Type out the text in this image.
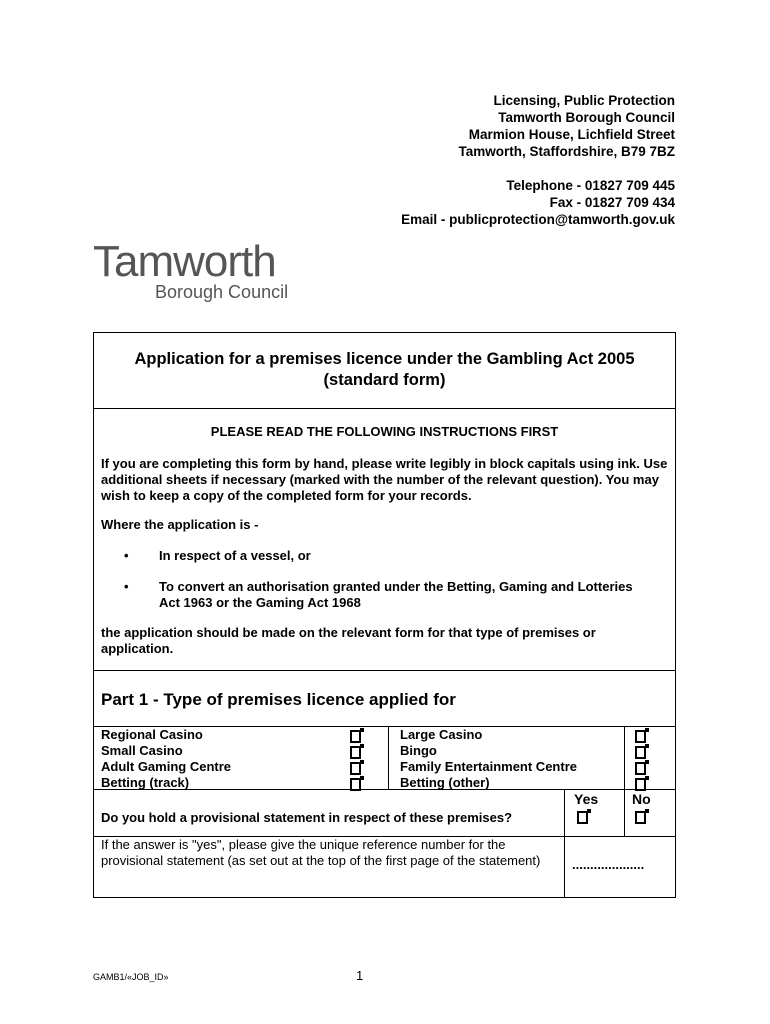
Licensing, Public Protection
Tamworth Borough Council
Marmion House, Lichfield Street
Tamworth, Staffordshire, B79 7BZ
Telephone - 01827 709 445
Fax - 01827 709 434
Email - publicprotection@tamworth.gov.uk
Tamworth
Borough Council
Application for a premises licence under the Gambling Act 2005
(standard form)
PLEASE READ THE FOLLOWING INSTRUCTIONS FIRST
If you are completing this form by hand, please write legibly in block capitals using ink. Use additional sheets if necessary (marked with the number of the relevant question). You may wish to keep a copy of the completed form for your records.
Where the application is -
• In respect of a vessel, or
• To convert an authorisation granted under the Betting, Gaming and Lotteries Act 1963 or the Gaming Act 1968
the application should be made on the relevant form for that type of premises or application.
Part 1 - Type of premises licence applied for
Regional Casino
Small Casino
Adult Gaming Centre
Betting (track)
Large Casino
Bingo
Family Entertainment Centre
Betting (other)
Do you hold a provisional statement in respect of these premises?
Yes No
If the answer is "yes", please give the unique reference number for the provisional statement (as set out at the top of the first page of the statement)	....................
GAMB1/«JOB_ID»	1
